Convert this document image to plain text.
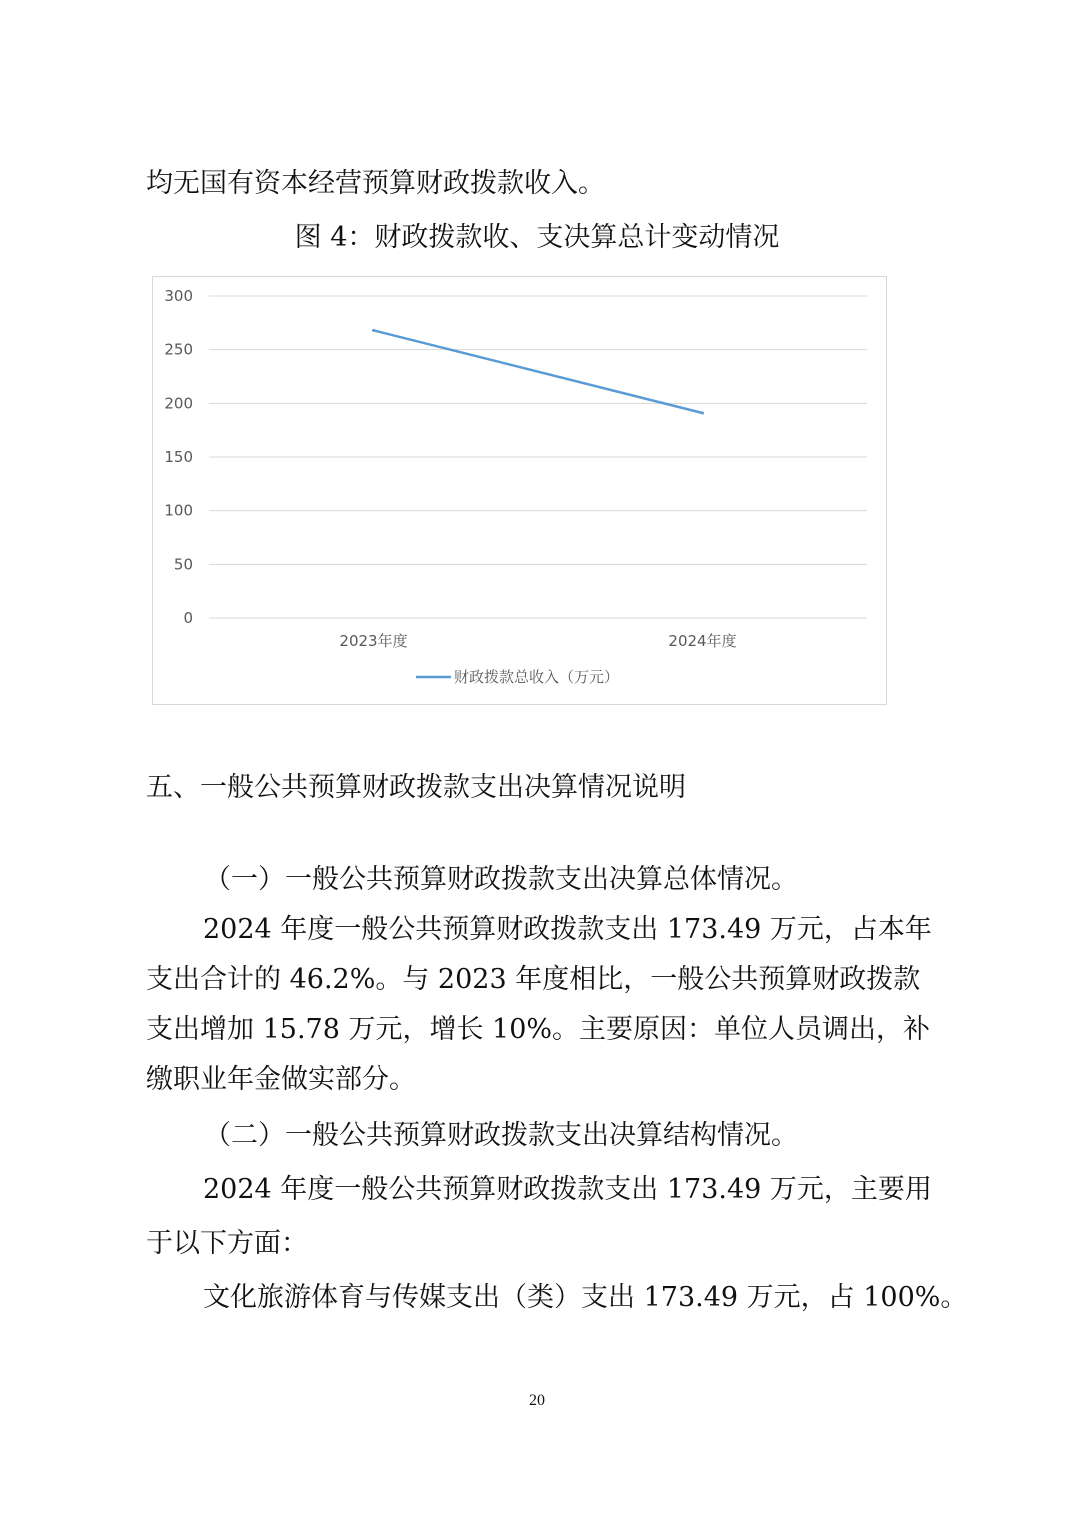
均无国有资本经营预算财政拨款收入。
图 4：财政拨款收、支决算总计变动情况
0
50
100
150
200
250
300
2023年度	2024年度
财政拨款总收入（万元）
五、一般公共预算财政拨款支出决算情况说明
（一）一般公共预算财政拨款支出决算总体情况。
2024 年度一般公共预算财政拨款支出 173.49 万元，占本年
支出合计的 46.2%。与 2023 年度相比，一般公共预算财政拨款
支出增加 15.78 万元，增长 10%。主要原因：单位人员调出，补
缴职业年金做实部分。
（二）一般公共预算财政拨款支出决算结构情况。
2024 年度一般公共预算财政拨款支出 173.49 万元，主要用
于以下方面：
文化旅游体育与传媒支出（类）支出 173.49 万元，占 100%。
20
